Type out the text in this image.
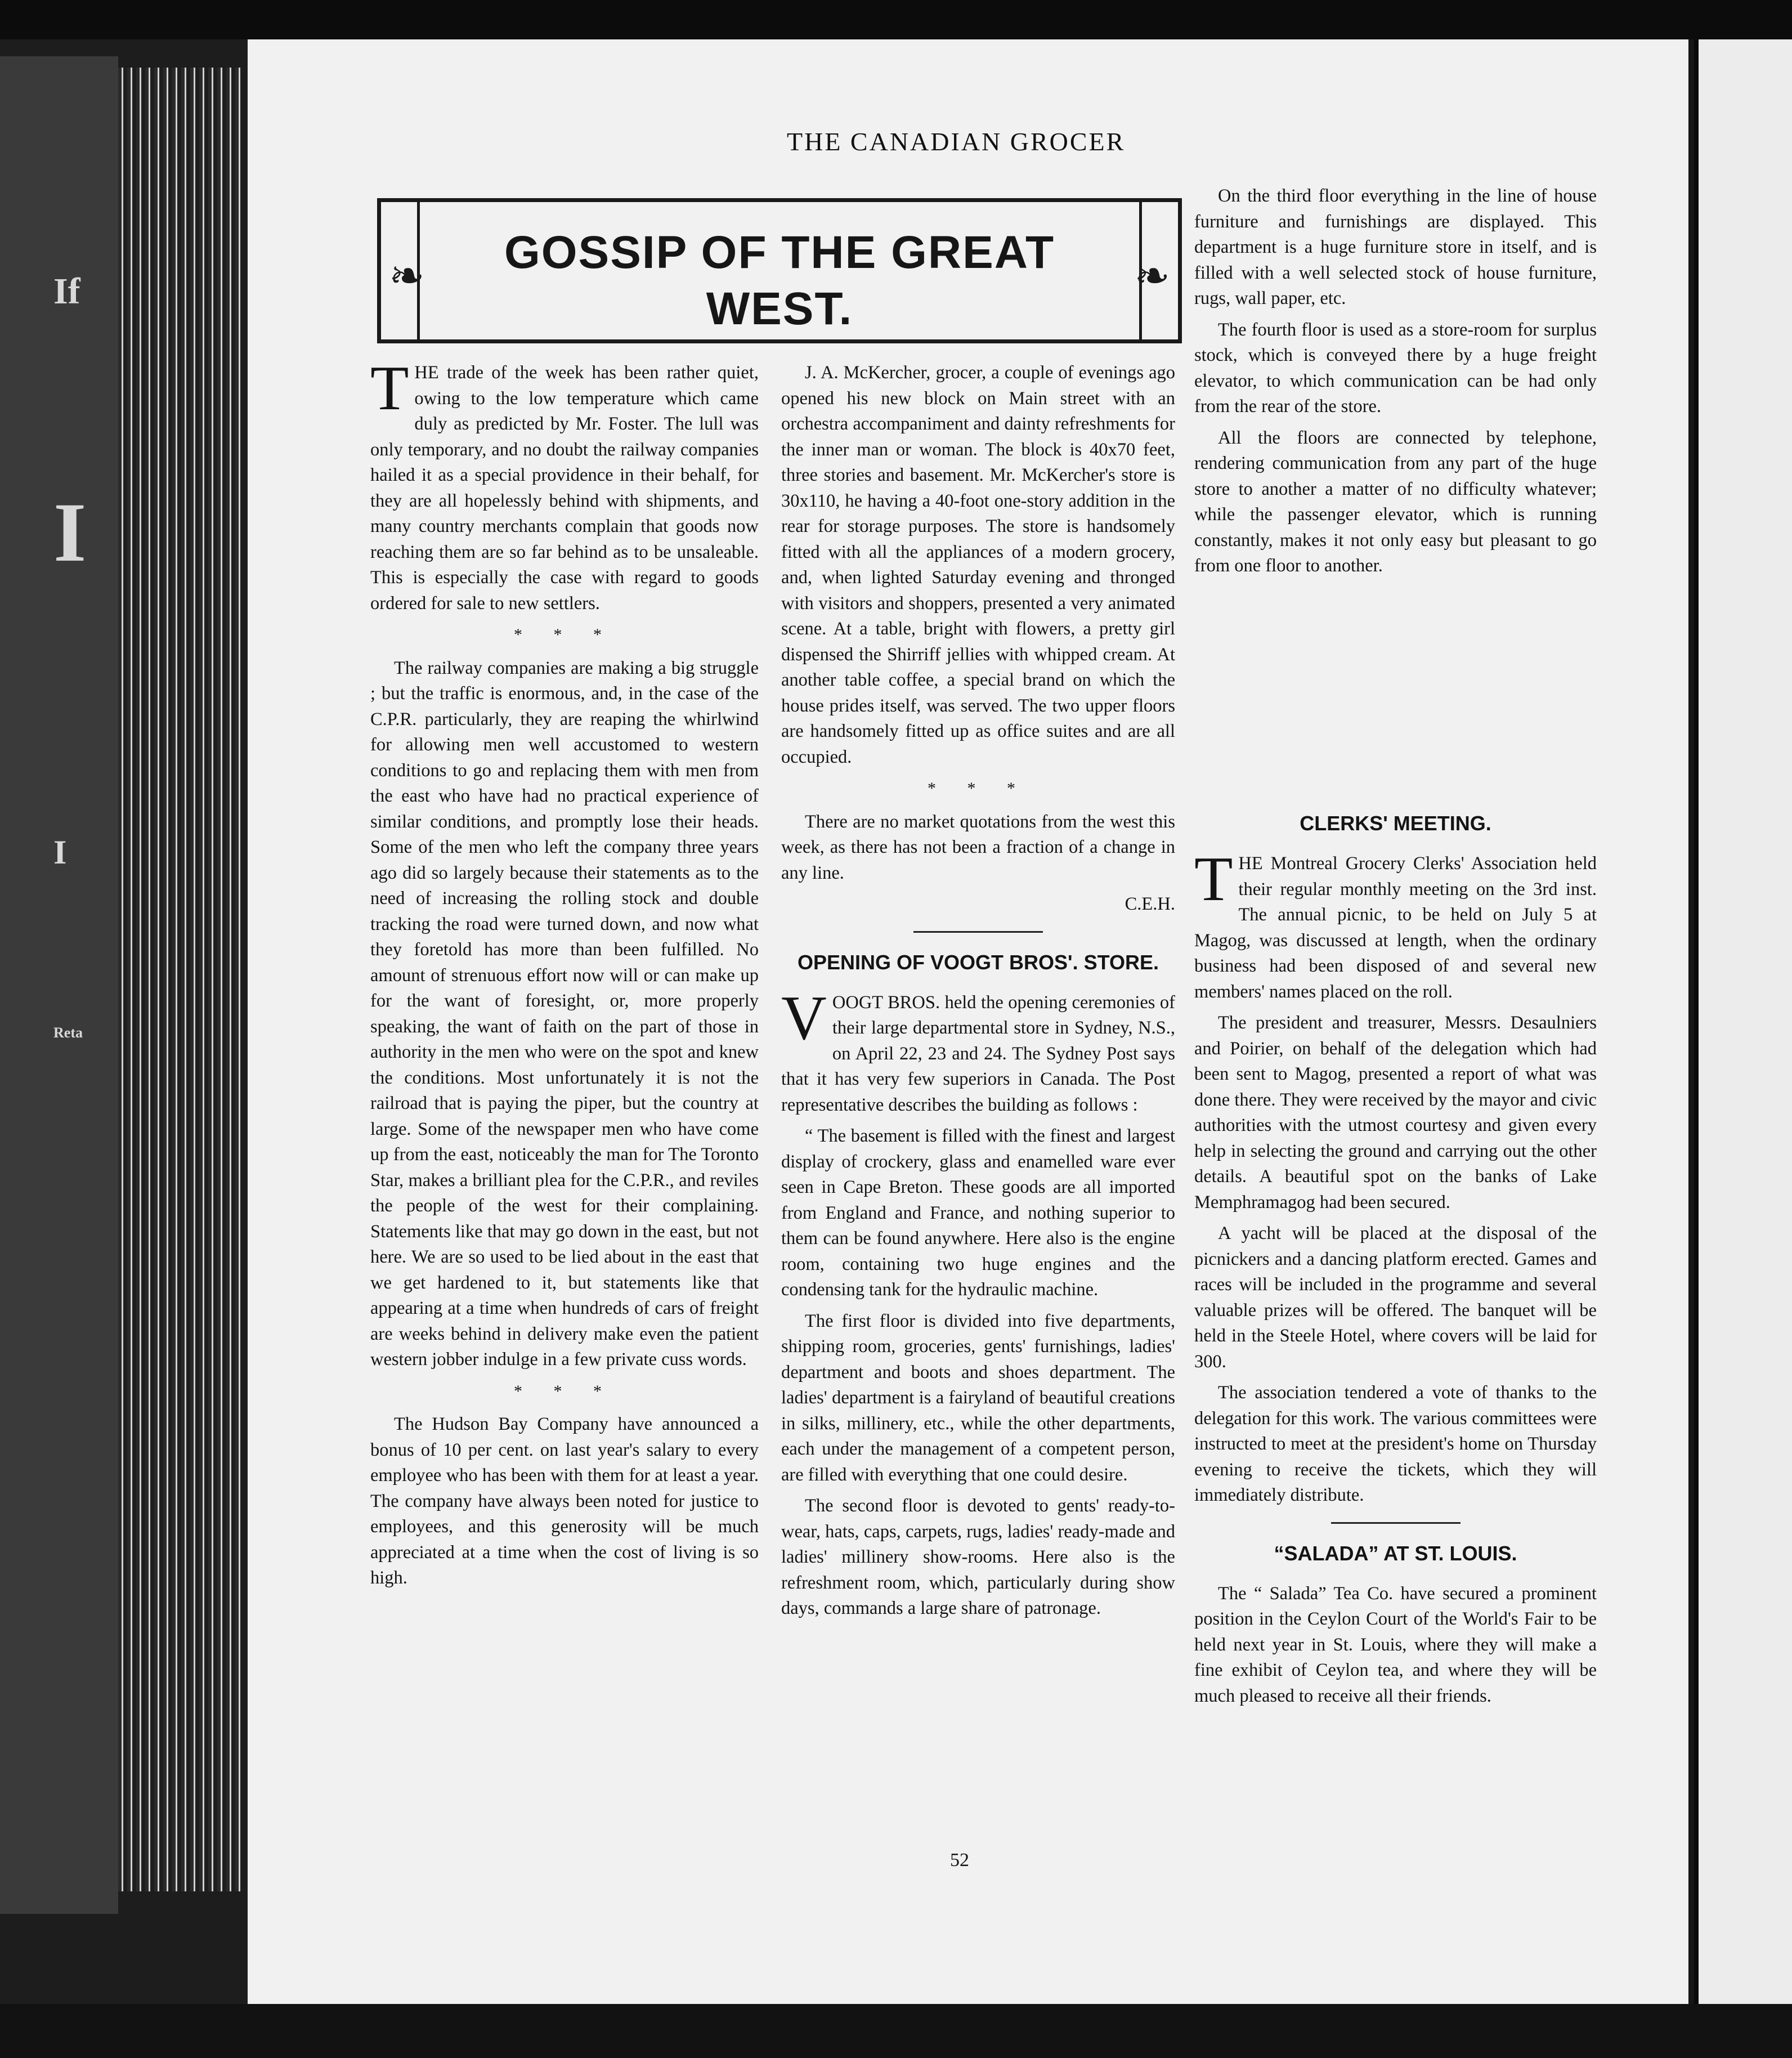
If
I
I
Reta
THE CANADIAN GROCER
❧	❧
GOSSIP OF THE GREAT
WEST.

THE trade of the week has been rather quiet, owing to the low temperature which came duly as predicted by Mr. Foster. The lull was only temporary, and no doubt the railway companies hailed it as a special providence in their behalf, for they are all hopelessly behind with shipments, and many country merchants complain that goods now reaching them are so far behind as to be unsaleable. This is especially the case with regard to goods ordered for sale to new settlers.

* * *

The railway companies are making a big struggle ; but the traffic is enormous, and, in the case of the C.P.R. particularly, they are reaping the whirlwind for allowing men well accustomed to western conditions to go and replacing them with men from the east who have had no practical experience of similar conditions, and promptly lose their heads. Some of the men who left the company three years ago did so largely because their statements as to the need of increasing the rolling stock and double tracking the road were turned down, and now what they foretold has more than been fulfilled. No amount of strenuous effort now will or can make up for the want of foresight, or, more properly speaking, the want of faith on the part of those in authority in the men who were on the spot and knew the conditions. Most unfortunately it is not the railroad that is paying the piper, but the country at large. Some of the newspaper men who have come up from the east, noticeably the man for The Toronto Star, makes a brilliant plea for the C.P.R., and reviles the people of the west for their complaining. Statements like that may go down in the east, but not here. We are so used to be lied about in the east that we get hardened to it, but statements like that appearing at a time when hundreds of cars of freight are weeks behind in delivery make even the patient western jobber indulge in a few private cuss words.

* * *

The Hudson Bay Company have announced a bonus of 10 per cent. on last year's salary to every employee who has been with them for at least a year. The company have always been noted for justice to employees, and this generosity will be much appreciated at a time when the cost of living is so high.

J. A. McKercher, grocer, a couple of evenings ago opened his new block on Main street with an orchestra accompaniment and dainty refreshments for the inner man or woman. The block is 40x70 feet, three stories and basement. Mr. McKercher's store is 30x110, he having a 40-foot one-story addition in the rear for storage purposes. The store is handsomely fitted with all the appliances of a modern grocery, and, when lighted Saturday evening and thronged with visitors and shoppers, presented a very animated scene. At a table, bright with flowers, a pretty girl dispensed the Shirriff jellies with whipped cream. At another table coffee, a special brand on which the house prides itself, was served. The two upper floors are handsomely fitted up as office suites and are all occupied.

* * *

There are no market quotations from the west this week, as there has not been a fraction of a change in any line.

C.E.H.

OPENING OF VOOGT BROS'. STORE.

VOOGT BROS. held the opening ceremonies of their large departmental store in Sydney, N.S., on April 22, 23 and 24. The Sydney Post says that it has very few superiors in Canada. The Post representative describes the building as follows :

“ The basement is filled with the finest and largest display of crockery, glass and enamelled ware ever seen in Cape Breton. These goods are all imported from England and France, and nothing superior to them can be found anywhere. Here also is the engine room, containing two huge engines and the condensing tank for the hydraulic machine.

The first floor is divided into five departments, shipping room, groceries, gents' furnishings, ladies' department and boots and shoes department. The ladies' department is a fairyland of beautiful creations in silks, millinery, etc., while the other departments, each under the management of a competent person, are filled with everything that one could desire.

The second floor is devoted to gents' ready-to-wear, hats, caps, carpets, rugs, ladies' ready-made and ladies' millinery show-rooms. Here also is the refreshment room, which, particularly during show days, commands a large share of patronage.

On the third floor everything in the line of house furniture and furnishings are displayed. This department is a huge furniture store in itself, and is filled with a well selected stock of house furniture, rugs, wall paper, etc.

The fourth floor is used as a store-room for surplus stock, which is conveyed there by a huge freight elevator, to which communication can be had only from the rear of the store.

All the floors are connected by telephone, rendering communication from any part of the huge store to another a matter of no difficulty whatever; while the passenger elevator, which is running constantly, makes it not only easy but pleasant to go from one floor to another.

CLERKS' MEETING.

THE Montreal Grocery Clerks' Association held their regular monthly meeting on the 3rd inst. The annual picnic, to be held on July 5 at Magog, was discussed at length, when the ordinary business had been disposed of and several new members' names placed on the roll.

The president and treasurer, Messrs. Desaulniers and Poirier, on behalf of the delegation which had been sent to Magog, presented a report of what was done there. They were received by the mayor and civic authorities with the utmost courtesy and given every help in selecting the ground and carrying out the other details. A beautiful spot on the banks of Lake Memphramagog had been secured.

A yacht will be placed at the disposal of the picnickers and a dancing platform erected. Games and races will be included in the programme and several valuable prizes will be offered. The banquet will be held in the Steele Hotel, where covers will be laid for 300.

The association tendered a vote of thanks to the delegation for this work. The various committees were instructed to meet at the president's home on Thursday evening to receive the tickets, which they will immediately distribute.

“SALADA” AT ST. LOUIS.

The “ Salada” Tea Co. have secured a prominent position in the Ceylon Court of the World's Fair to be held next year in St. Louis, where they will make a fine exhibit of Ceylon tea, and where they will be much pleased to receive all their friends.

52
